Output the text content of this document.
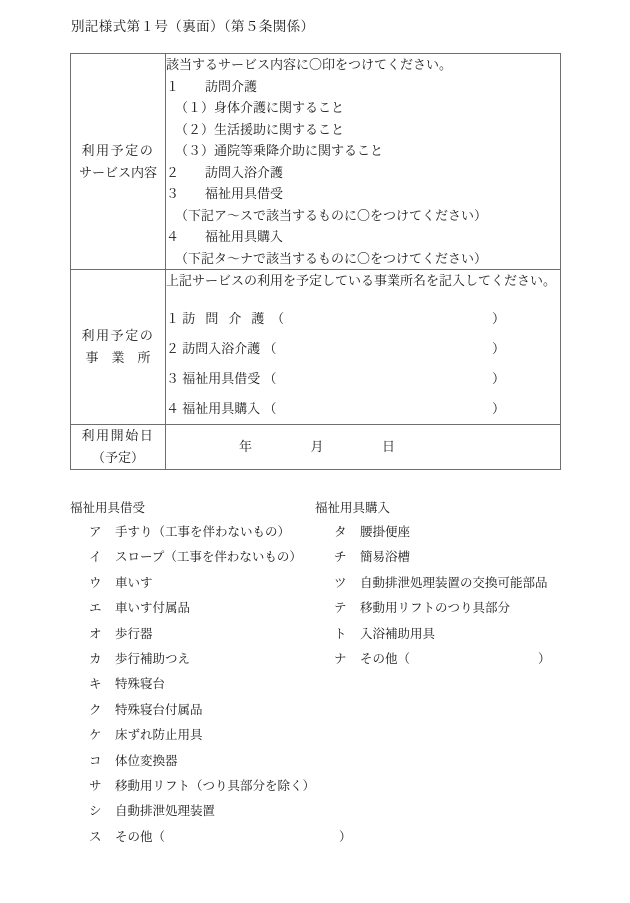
別記様式第１号（裏面）（第５条関係）
利用予定の
サービス内容

該当するサービス内容に〇印をつけてください。
１　　訪問介護
（１）身体介護に関すること
（２）生活援助に関すること
（３）通院等乗降介助に関すること
２　　訪問入浴介護
３　　福祉用具借受
（下記ア～スで該当するものに〇をつけてください）
４　　福祉用具購入
（下記タ～ナで該当するものに〇をつけてください）

利用予定の
事　業　所

上記サービスの利用を予定している事業所名を記入してください。
１ 訪 問 介 護 （	）
２ 訪問入浴介護 （	）
３ 福祉用具借受 （	）
４ 福祉用具購入 （	）

利用開始日
（予定）	年 月 日
福祉用具借受
ア 手すり（工事を伴わないもの）
イ スロープ（工事を伴わないもの）
ウ 車いす
エ 車いす付属品
オ 歩行器
カ 歩行補助つえ
キ 特殊寝台
ク 特殊寝台付属品
ケ 床ずれ防止用具
コ 体位変換器
サ 移動用リフト（つり具部分を除く）
シ 自動排泄処理装置
ス その他（	）
福祉用具購入
タ 腰掛便座
チ 簡易浴槽
ツ 自動排泄処理装置の交換可能部品
テ 移動用リフトのつり具部分
ト 入浴補助用具
ナ その他（	）
